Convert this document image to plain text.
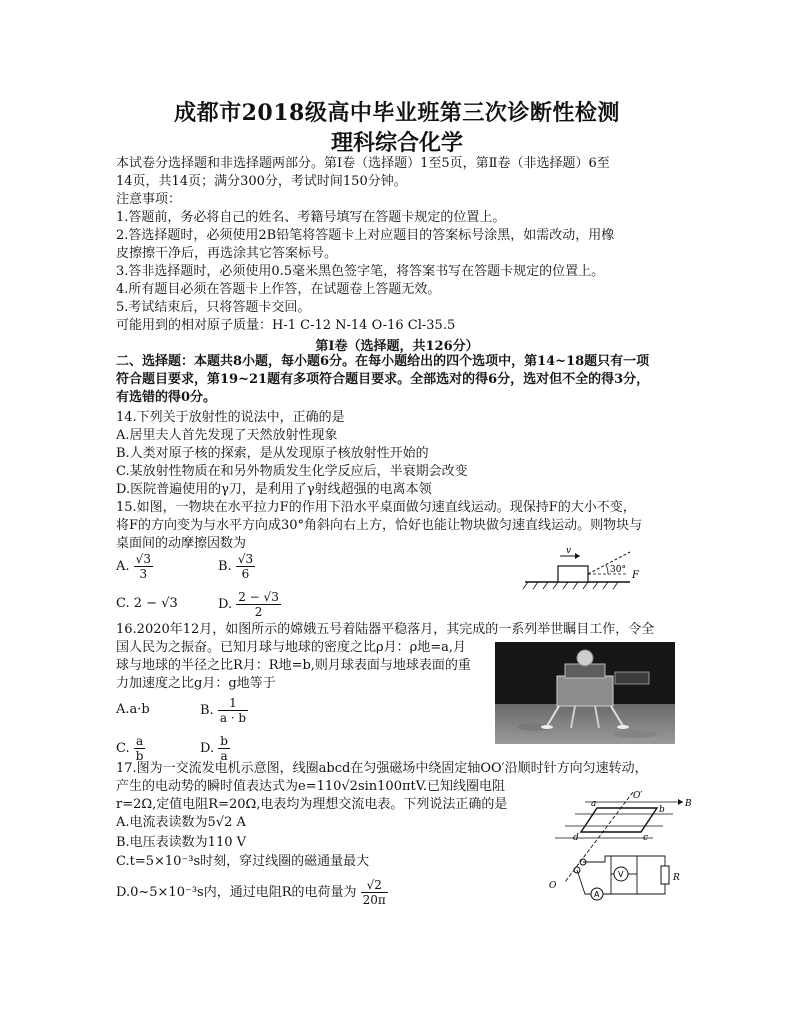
成都市2018级高中毕业班第三次诊断性检测
理科综合化学
本试卷分选择题和非选择题两部分。第Ⅰ卷（选择题）1至5页，第Ⅱ卷（非选择题）6至
14页，共14页；满分300分，考试时间150分钟。
注意事项：
1.答题前，务必将自己的姓名、考籍号填写在答题卡规定的位置上。
2.答选择题时，必须使用2B铅笔将答题卡上对应题目的答案标号涂黑，如需改动，用橡
皮擦擦干净后，再选涂其它答案标号。
3.答非选择题时，必须使用0.5毫米黑色签字笔，将答案书写在答题卡规定的位置上。
4.所有题目必须在答题卡上作答，在试题卷上答题无效。
5.考试结束后，只将答题卡交回。
可能用到的相对原子质量：H-1 C-12 N-14 O-16 Cl-35.5
第Ⅰ卷（选择题，共126分）
二、选择题：本题共8小题，每小题6分。在每小题给出的四个选项中，第14~18题只有一项
符合题目要求，第19~21题有多项符合题目要求。全部选对的得6分，选对但不全的得3分，
有选错的得0分。
14.下列关于放射性的说法中，正确的是
A.居里夫人首先发现了天然放射性现象
B.人类对原子核的探索，是从发现原子核放射性开始的
C.某放射性物质在和另外物质发生化学反应后，半衰期会改变
D.医院普遍使用的γ刀，是利用了γ射线超强的电离本领
15.如图，一物块在水平拉力F的作用下沿水平桌面做匀速直线运动。现保持F的大小不变，
将F的方向变为与水平方向成30°角斜向右上方，恰好也能让物块做匀速直线运动。则物块与
桌面间的动摩擦因数为
A. $\frac{√3}{3}$	B. $\frac{√3}{6}$
C. 2 − √3	D. $\frac{2 - √3}{2}$
v
30° F
16.2020年12月，如图所示的嫦娥五号着陆器平稳落月，其完成的一系列举世瞩目工作，令全
国人民为之振奋。已知月球与地球的密度之比ρ月：ρ地=a,月
球与地球的半径之比R月：R地=b,则月球表面与地球表面的重
力加速度之比g月：g地等于
A.a·b	B. $\frac{1}{a \cdot b}$
C. $\frac{a}{b}$	D. $\frac{b}{a}$
17.图为一交流发电机示意图，线圈abcd在匀强磁场中绕固定轴OO′沿顺时针方向匀速转动，
产生的电动势的瞬时值表达式为e=110√2sin100πtV.已知线圈电阻
r=2Ω,定值电阻R=20Ω,电表均为理想交流电表。下列说法正确的是
A.电流表读数为5√2 A
B.电压表读数为110 V
C.t=5×10⁻³s时刻，穿过线圈的磁通量最大
D.0~5×10⁻³s内，通过电阻R的电荷量为 $\frac{√2}{20\pi}$
O′
B
b
a
c
d
O
V	R
A
